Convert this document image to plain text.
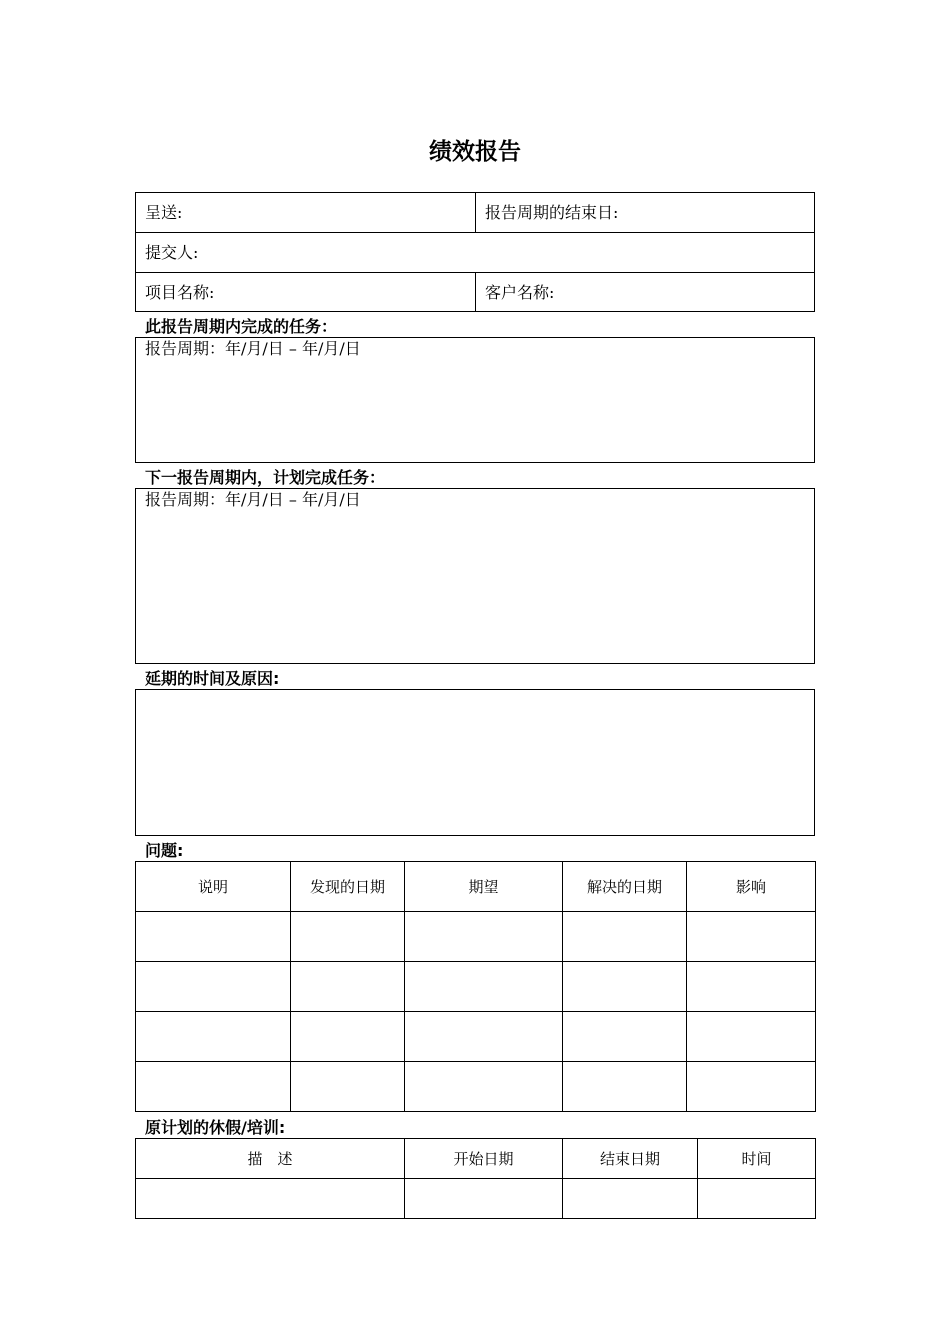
绩效报告
呈送:	报告周期的结束日:
提交人:
项目名称:	客户名称:
此报告周期内完成的任务：
报告周期：年/月/日 – 年/月/日
下一报告周期内，计划完成任务：
报告周期：年/月/日 – 年/月/日
延期的时间及原因:
问题:
说明	发现的日期	期望	解决的日期	影响

原计划的休假/培训:
描　述	开始日期	结束日期	时间
